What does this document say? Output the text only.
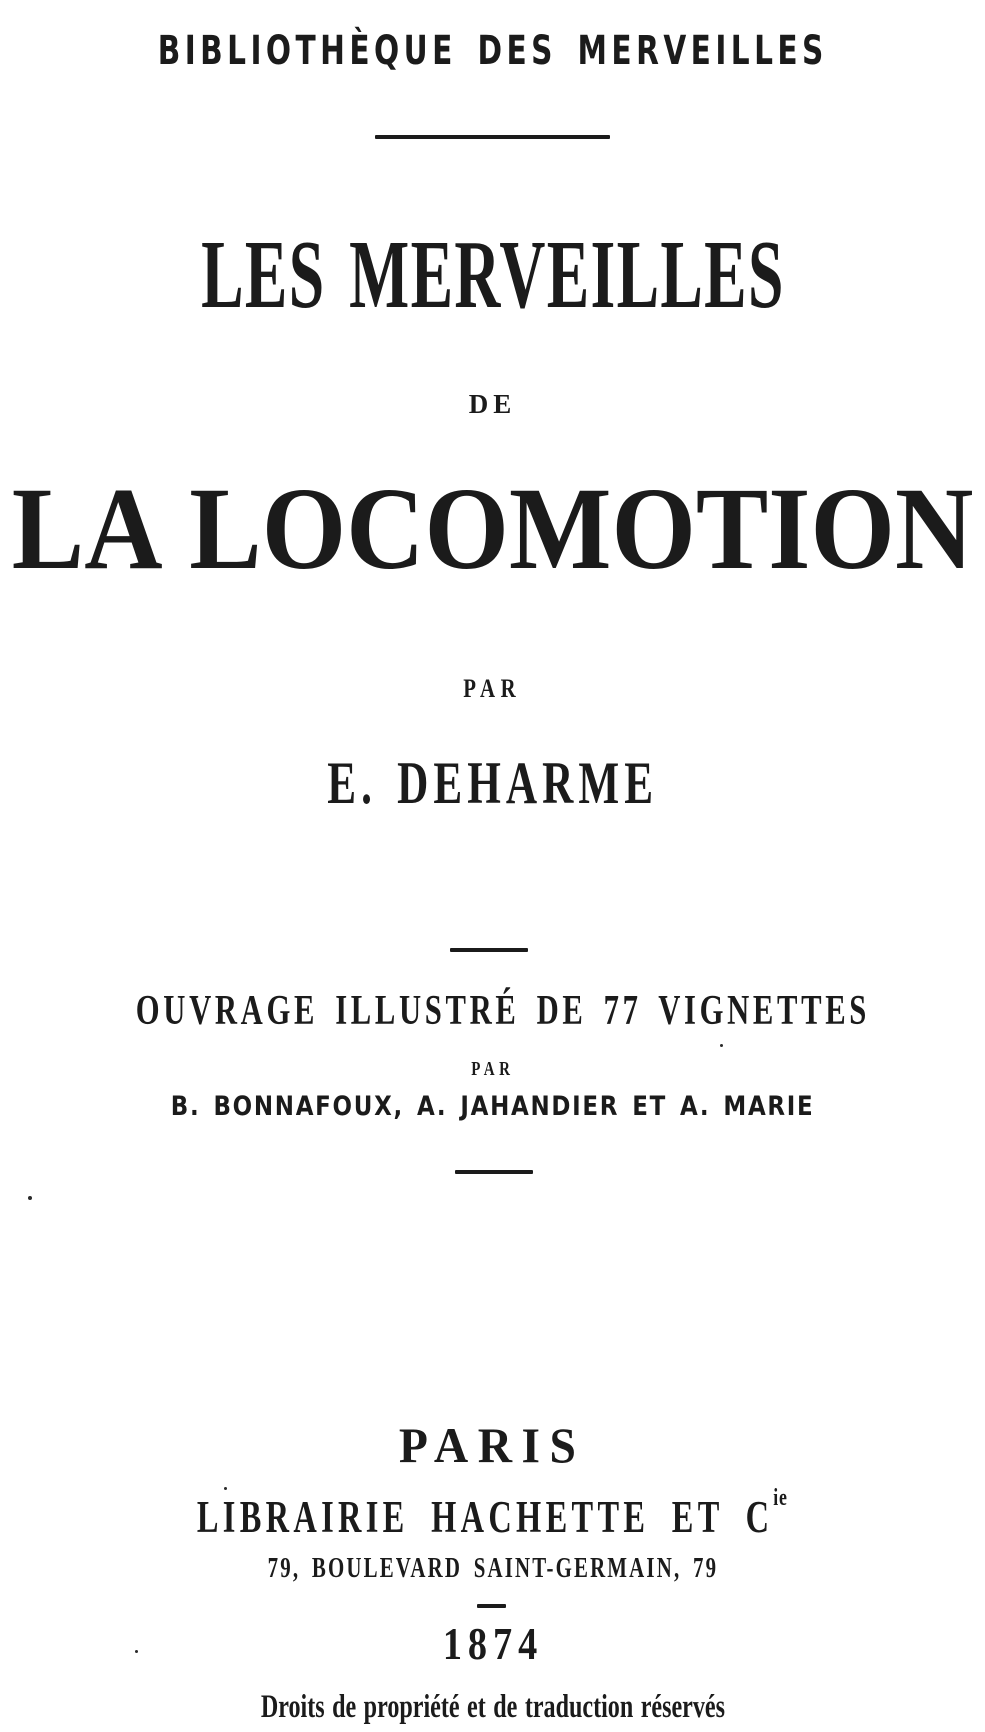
BIBLIOTHÈQUE DES MERVEILLES
LES MERVEILLES
DE
LA LOCOMOTION
PAR
E. DEHARME
OUVRAGE ILLUSTRÉ DE 77 VIGNETTES
PAR
B. BONNAFOUX, A. JAHANDIER ET A. MARIE
PARIS
LIBRAIRIE HACHETTE ET $C^{ie}$
79, BOULEVARD SAINT-GERMAIN, 79
1874
Droits de propriété et de traduction réservés
